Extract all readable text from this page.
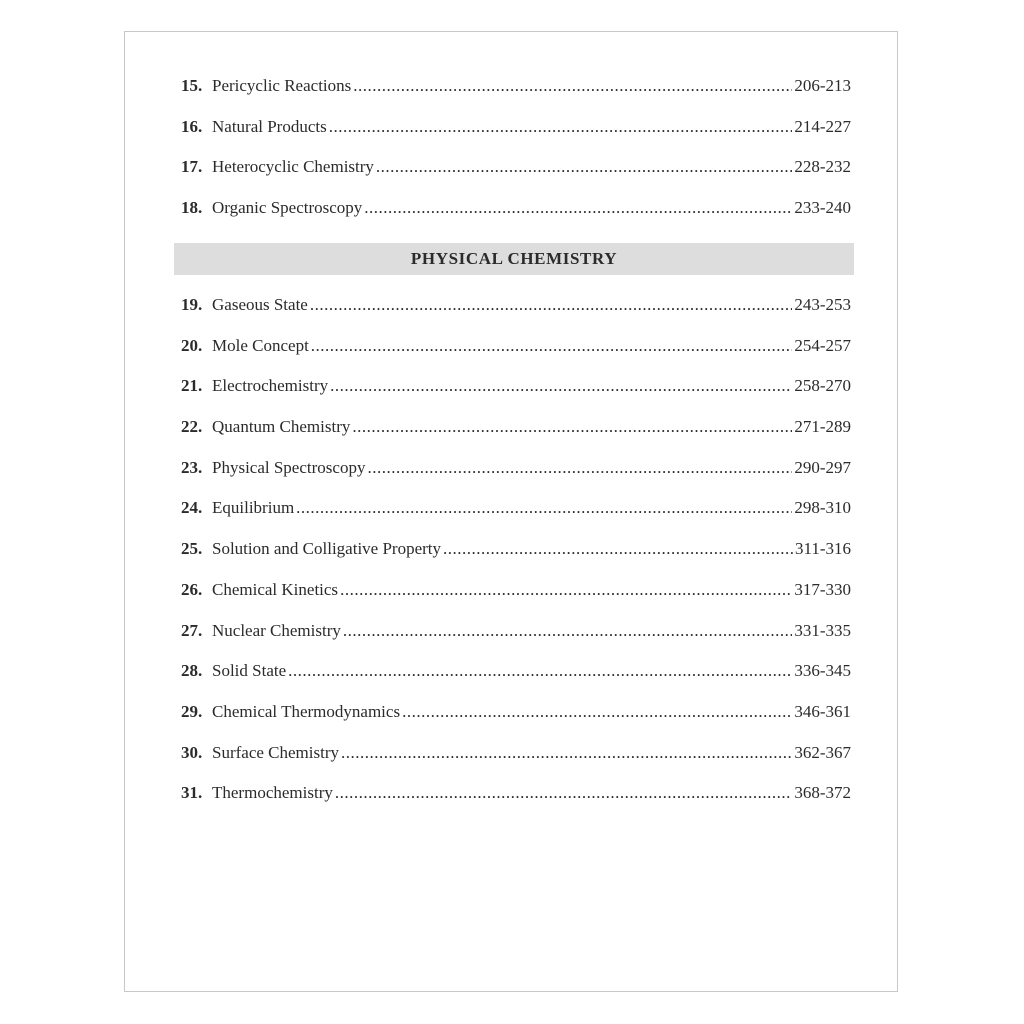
15. Pericyclic Reactions .....	206-213
16. Natural Products .....	214-227
17. Heterocyclic Chemistry .....	228-232
18. Organic Spectroscopy .....	233-240
PHYSICAL CHEMISTRY
19. Gaseous State .....	243-253
20. Mole Concept .....	254-257
21. Electrochemistry .....	258-270
22. Quantum Chemistry .....	271-289
23. Physical Spectroscopy .....	290-297
24. Equilibrium .....	298-310
25. Solution and Colligative Property .....	311-316
26. Chemical Kinetics .....	317-330
27. Nuclear Chemistry .....	331-335
28. Solid State .....	336-345
29. Chemical Thermodynamics .....	346-361
30. Surface Chemistry .....	362-367
31. Thermochemistry .....	368-372
